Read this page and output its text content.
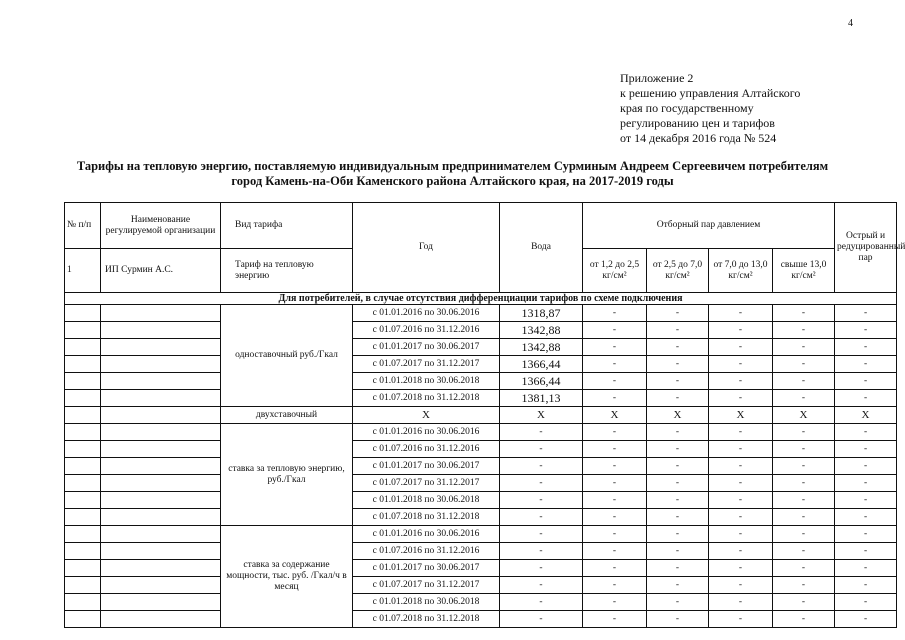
4
Приложение 2
к решению управления Алтайского
края по государственному
регулированию цен и тарифов
от 14 декабря 2016 года № 524
Тарифы на тепловую энергию, поставляемую индивидуальным предпринимателем Сурминым Андреем Сергеевичем потребителям
город Камень-на-Оби Каменского района Алтайского края, на 2017-2019 годы
№ п/п	Наименование регулируемой организации	Вид тарифа	Год	Вода	Отборный пар давлением				Острый и редуцированный пар
1	ИП Сурмин А.С.	Тариф на тепловую энергию			от 1,2 до 2,5 кг/см²	от 2,5 до 7,0 кг/см²	от 7,0 до 13,0 кг/см²	свыше 13,0 кг/см²	
Для потребителей, в случае отсутствия дифференциации тарифов по схеме подключения									
		одноставочный руб./Гкал	с 01.01.2016 по 30.06.2016	1318,87	-	-	-	-	-
			с 01.07.2016 по 31.12.2016	1342,88	-	-	-	-	-
			с 01.01.2017 по 30.06.2017	1342,88	-	-	-	-	-
			с 01.07.2017 по 31.12.2017	1366,44	-	-	-	-	-
			с 01.01.2018 по 30.06.2018	1366,44	-	-	-	-	-
			с 01.07.2018 по 31.12.2018	1381,13	-	-	-	-	-
		двухставочный	X	X	X	X	X	X	X
		ставка за тепловую энергию, руб./Гкал	с 01.01.2016 по 30.06.2016	-	-	-	-	-	-
			с 01.07.2016 по 31.12.2016	-	-	-	-	-	-
			с 01.01.2017 по 30.06.2017	-	-	-	-	-	-
			с 01.07.2017 по 31.12.2017	-	-	-	-	-	-
			с 01.01.2018 по 30.06.2018	-	-	-	-	-	-
			с 01.07.2018 по 31.12.2018	-	-	-	-	-	-
		ставка за содержание мощности, тыс. руб. /Гкал/ч в месяц	с 01.01.2016 по 30.06.2016	-	-	-	-	-	-
			с 01.07.2016 по 31.12.2016	-	-	-	-	-	-
			с 01.01.2017 по 30.06.2017	-	-	-	-	-	-
			с 01.07.2017 по 31.12.2017	-	-	-	-	-	-
			с 01.01.2018 по 30.06.2018	-	-	-	-	-	-
			с 01.07.2018 по 31.12.2018	-	-	-	-	-	-
